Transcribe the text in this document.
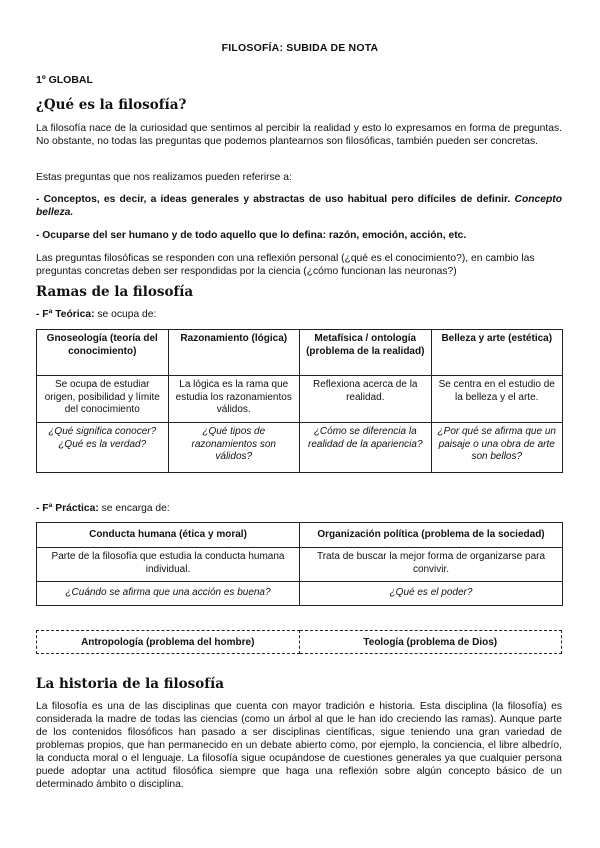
FILOSOFÍA: SUBIDA DE NOTA
1º GLOBAL
¿Qué es la filosofía?

La filosofía nace de la curiosidad que sentimos al percibir la realidad y esto lo expresamos en forma de preguntas. No obstante, no todas las preguntas que podemos plantearnos son filosóficas, también pueden ser concretas.

Estas preguntas que nos realizamos pueden referirse a:

- Conceptos, es decir, a ideas generales y abstractas de uso habitual pero difíciles de definir. Concepto belleza.

- Ocuparse del ser humano y de todo aquello que lo defina: razón, emoción, acción, etc.

Las preguntas filosóficas se responden con una reflexión personal (¿qué es el conocimiento?), en cambio las preguntas concretas deben ser respondidas por la ciencia (¿cómo funcionan las neuronas?)

Ramas de la filosofía

- Fª Teórica: se ocupa de:

Gnoseología (teoría del conocimiento)	Razonamiento (lógica)	Metafísica / ontología (problema de la realidad)	Belleza y arte (estética)
Se ocupa de estudiar origen, posibilidad y límite del conocimiento	La lógica es la rama que estudia los razonamientos válidos.	Reflexiona acerca de la realidad.	Se centra en el estudio de la belleza y el arte.
¿Qué significa conocer? ¿Qué es la verdad?	¿Qué tipos de razonamientos son válidos?	¿Cómo se diferencia la realidad de la apariencia?	¿Por qué se afirma que un paisaje o una obra de arte son bellos?

- Fª Práctica: se encarga de:

Conducta humana (ética y moral)	Organización política (problema de la sociedad)
Parte de la filosofía que estudia la conducta humana individual.	Trata de buscar la mejor forma de organizarse para convivir.
¿Cuándo se afirma que una acción es buena?	¿Qué es el poder?
Antropología (problema del hombre)	Teología (problema de Dios)
La historia de la filosofía

La filosofía es una de las disciplinas que cuenta con mayor tradición e historia. Esta disciplina (la filosofía) es considerada la madre de todas las ciencias (como un árbol al que le han ido creciendo las ramas). Aunque parte de los contenidos filosóficos han pasado a ser disciplinas científicas, sigue teniendo una gran variedad de problemas propios, que han permanecido en un debate abierto como, por ejemplo, la conciencia, el libre albedrío, la conducta moral o el lenguaje. La filosofía sigue ocupándose de cuestiones generales ya que cualquier persona puede adoptar una actitud filosófica siempre que haga una reflexión sobre algún concepto básico de un determinado ámbito o disciplina.
